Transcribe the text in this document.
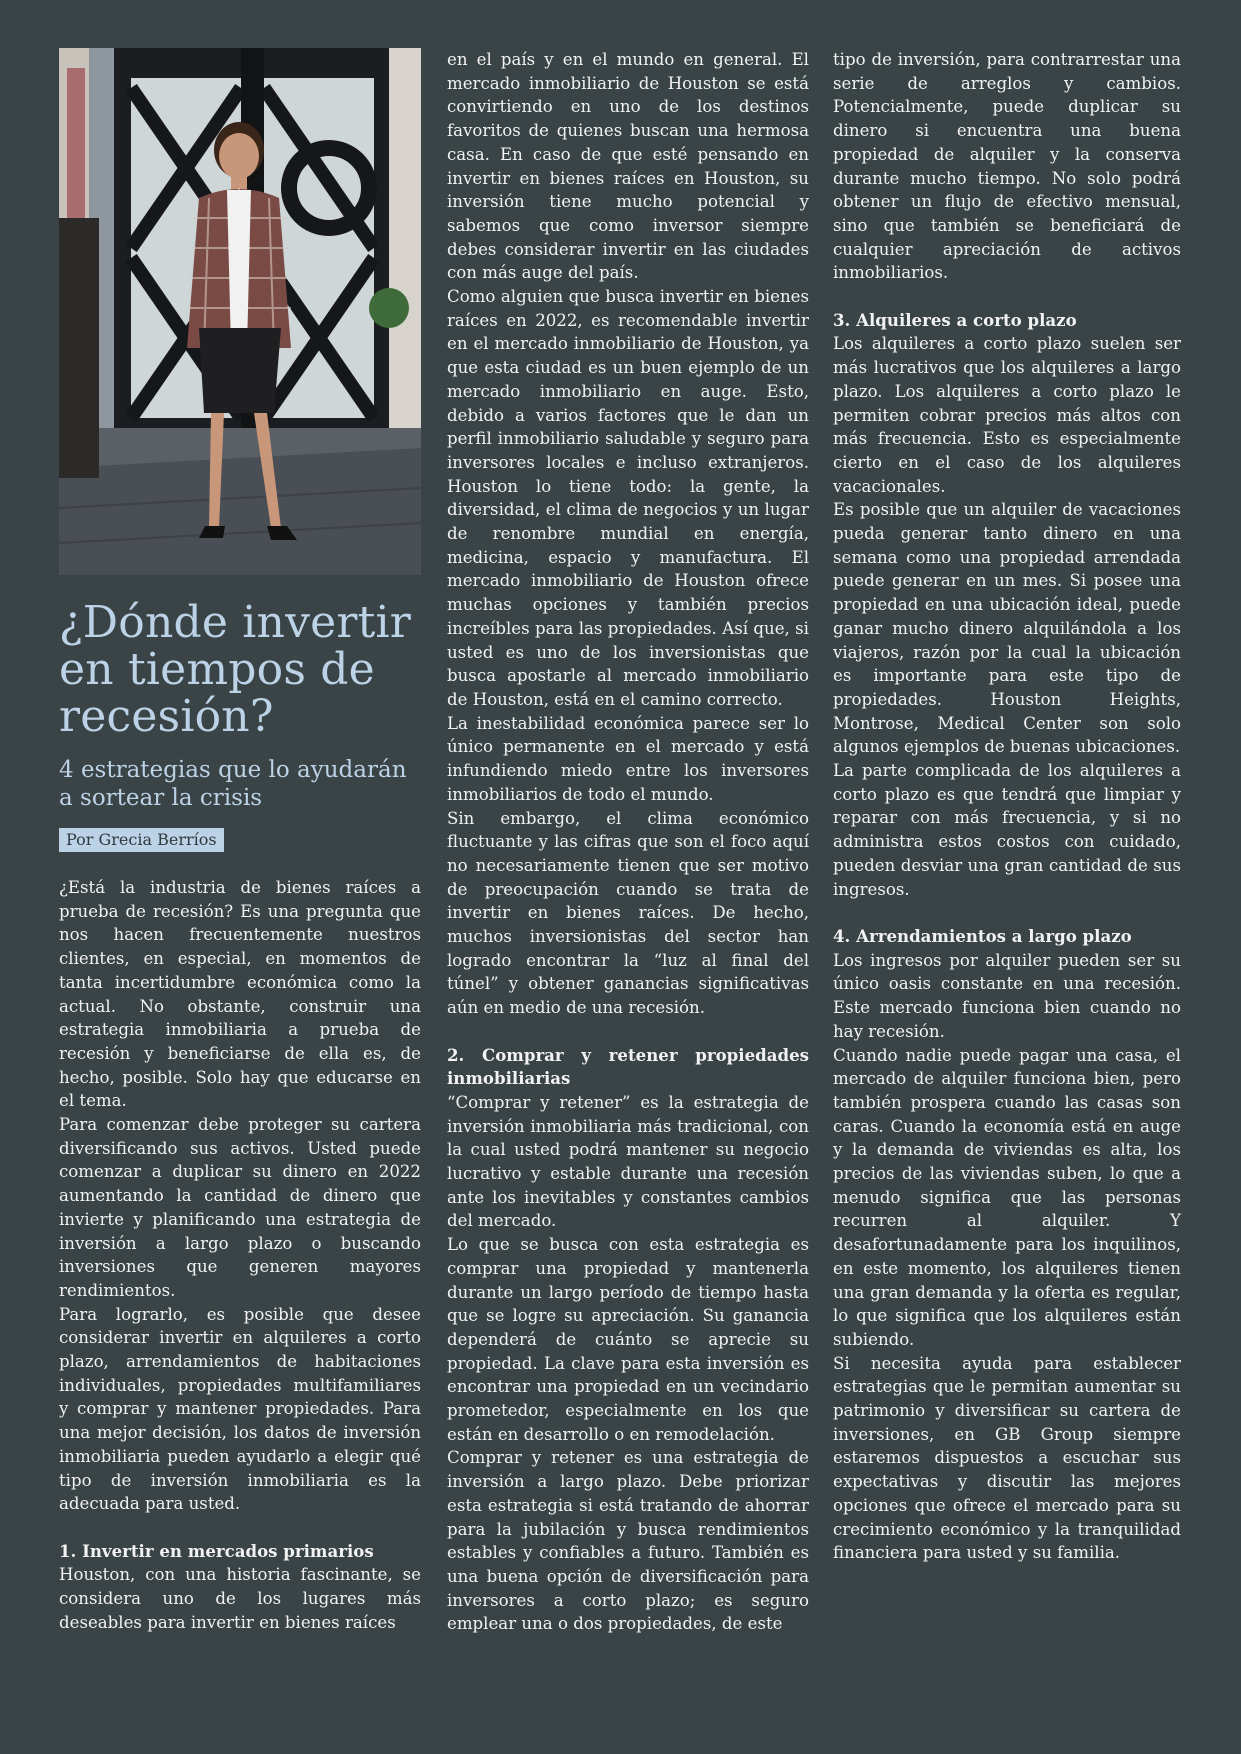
¿Dónde invertir en tiempos de recesión?
4 estrategias que lo ayudarán a sortear la crisis
Por Grecia Berríos

¿Está la industria de bienes raíces a prueba de recesión? Es una pregunta que nos hacen frecuentemente nuestros clientes, en especial, en momentos de tanta incertidumbre económica como la actual. No obstante, construir una estrategia inmobiliaria a prueba de recesión y beneficiarse de ella es, de hecho, posible. Solo hay que educarse en el tema.

Para comenzar debe proteger su cartera diversificando sus activos. Usted puede comenzar a duplicar su dinero en 2022 aumentando la cantidad de dinero que invierte y planificando una estrategia de inversión a largo plazo o buscando inversiones que generen mayores rendimientos.

Para lograrlo, es posible que desee considerar invertir en alquileres a corto plazo, arrendamientos de habitaciones individuales, propiedades multifamiliares y comprar y mantener propiedades. Para una mejor decisión, los datos de inversión inmobiliaria pueden ayudarlo a elegir qué tipo de inversión inmobiliaria es la adecuada para usted.

1. Invertir en mercados primarios

Houston, con una historia fascinante, se considera uno de los lugares más deseables para invertir en bienes raíces

en el país y en el mundo en general. El mercado inmobiliario de Houston se está convirtiendo en uno de los destinos favoritos de quienes buscan una hermosa casa. En caso de que esté pensando en invertir en bienes raíces en Houston, su inversión tiene mucho potencial y sabemos que como inversor siempre debes considerar invertir en las ciudades con más auge del país.

Como alguien que busca invertir en bienes raíces en 2022, es recomendable invertir en el mercado inmobiliario de Houston, ya que esta ciudad es un buen ejemplo de un mercado inmobiliario en auge. Esto, debido a varios factores que le dan un perfil inmobiliario saludable y seguro para inversores locales e incluso extranjeros. Houston lo tiene todo: la gente, la diversidad, el clima de negocios y un lugar de renombre mundial en energía, medicina, espacio y manufactura. El mercado inmobiliario de Houston ofrece muchas opciones y también precios increíbles para las propiedades. Así que, si usted es uno de los inversionistas que busca apostarle al mercado inmobiliario de Houston, está en el camino correcto.

La inestabilidad económica parece ser lo único permanente en el mercado y está infundiendo miedo entre los inversores inmobiliarios de todo el mundo.

Sin embargo, el clima económico fluctuante y las cifras que son el foco aquí no necesariamente tienen que ser motivo de preocupación cuando se trata de invertir en bienes raíces. De hecho, muchos inversionistas del sector han logrado encontrar la “luz al final del túnel” y obtener ganancias significativas aún en medio de una recesión.

2. Comprar y retener propiedades inmobiliarias

“Comprar y retener” es la estrategia de inversión inmobiliaria más tradicional, con la cual usted podrá mantener su negocio lucrativo y estable durante una recesión ante los inevitables y constantes cambios del mercado.

Lo que se busca con esta estrategia es comprar una propiedad y mantenerla durante un largo período de tiempo hasta que se logre su apreciación. Su ganancia dependerá de cuánto se aprecie su propiedad. La clave para esta inversión es encontrar una propiedad en un vecindario prometedor, especialmente en los que están en desarrollo o en remodelación.

Comprar y retener es una estrategia de inversión a largo plazo. Debe priorizar esta estrategia si está tratando de ahorrar para la jubilación y busca rendimientos estables y confiables a futuro. También es una buena opción de diversificación para inversores a corto plazo; es seguro emplear una o dos propiedades, de este

tipo de inversión, para contrarrestar una serie de arreglos y cambios. Potencialmente, puede duplicar su dinero si encuentra una buena propiedad de alquiler y la conserva durante mucho tiempo. No solo podrá obtener un flujo de efectivo mensual, sino que también se beneficiará de cualquier apreciación de activos inmobiliarios.

3. Alquileres a corto plazo

Los alquileres a corto plazo suelen ser más lucrativos que los alquileres a largo plazo. Los alquileres a corto plazo le permiten cobrar precios más altos con más frecuencia. Esto es especialmente cierto en el caso de los alquileres vacacionales.

Es posible que un alquiler de vacaciones pueda generar tanto dinero en una semana como una propiedad arrendada puede generar en un mes. Si posee una propiedad en una ubicación ideal, puede ganar mucho dinero alquilándola a los viajeros, razón por la cual la ubicación es importante para este tipo de propiedades. Houston Heights, Montrose, Medical Center son solo algunos ejemplos de buenas ubicaciones.

La parte complicada de los alquileres a corto plazo es que tendrá que limpiar y reparar con más frecuencia, y si no administra estos costos con cuidado, pueden desviar una gran cantidad de sus ingresos.

4. Arrendamientos a largo plazo

Los ingresos por alquiler pueden ser su único oasis constante en una recesión. Este mercado funciona bien cuando no hay recesión.

Cuando nadie puede pagar una casa, el mercado de alquiler funciona bien, pero también prospera cuando las casas son caras. Cuando la economía está en auge y la demanda de viviendas es alta, los precios de las viviendas suben, lo que a menudo significa que las personas recurren al alquiler. Y desafortunadamente para los inquilinos, en este momento, los alquileres tienen una gran demanda y la oferta es regular, lo que significa que los alquileres están subiendo.

Si necesita ayuda para establecer estrategias que le permitan aumentar su patrimonio y diversificar su cartera de inversiones, en GB Group siempre estaremos dispuestos a escuchar sus expectativas y discutir las mejores opciones que ofrece el mercado para su crecimiento económico y la tranquilidad financiera para usted y su familia.
